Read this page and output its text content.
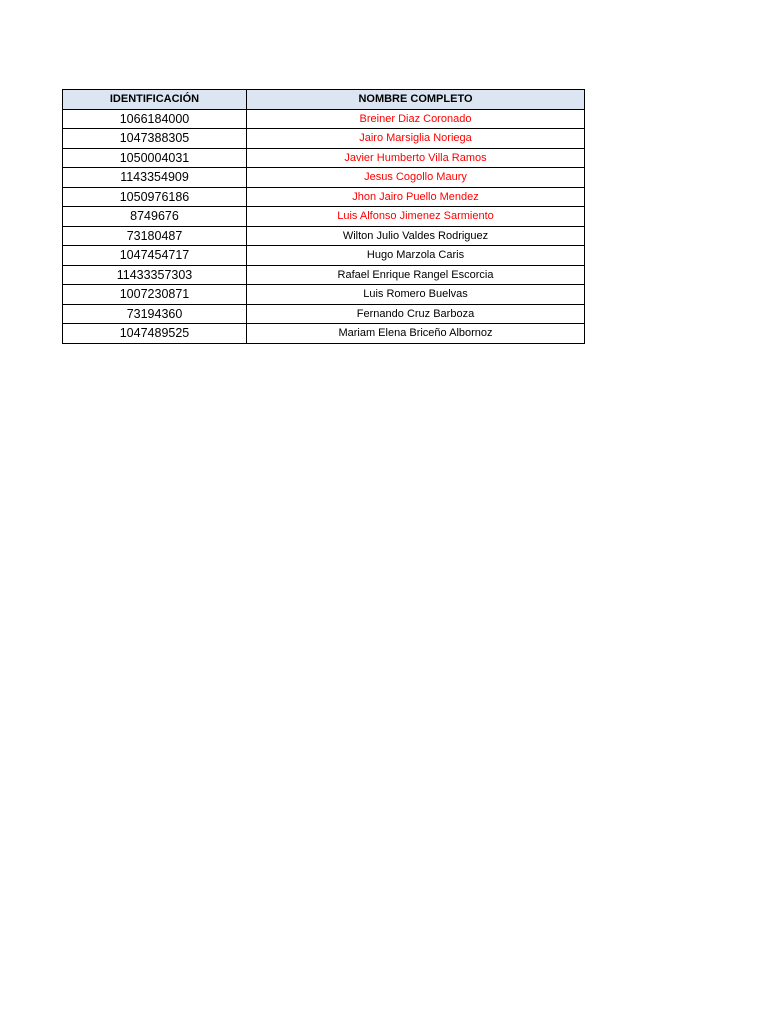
IDENTIFICACIÓN	NOMBRE COMPLETO
1066184000	Breiner Diaz Coronado
1047388305	Jairo Marsiglia Noriega
1050004031	Javier Humberto Villa Ramos
1143354909	Jesus Cogollo Maury
1050976186	Jhon Jairo Puello Mendez
8749676	Luis Alfonso Jimenez Sarmiento
73180487	Wilton Julio Valdes Rodriguez
1047454717	Hugo Marzola Caris
11433357303	Rafael Enrique Rangel Escorcia
1007230871	Luis Romero Buelvas
73194360	Fernando Cruz Barboza
1047489525	Mariam Elena Briceño Albornoz
